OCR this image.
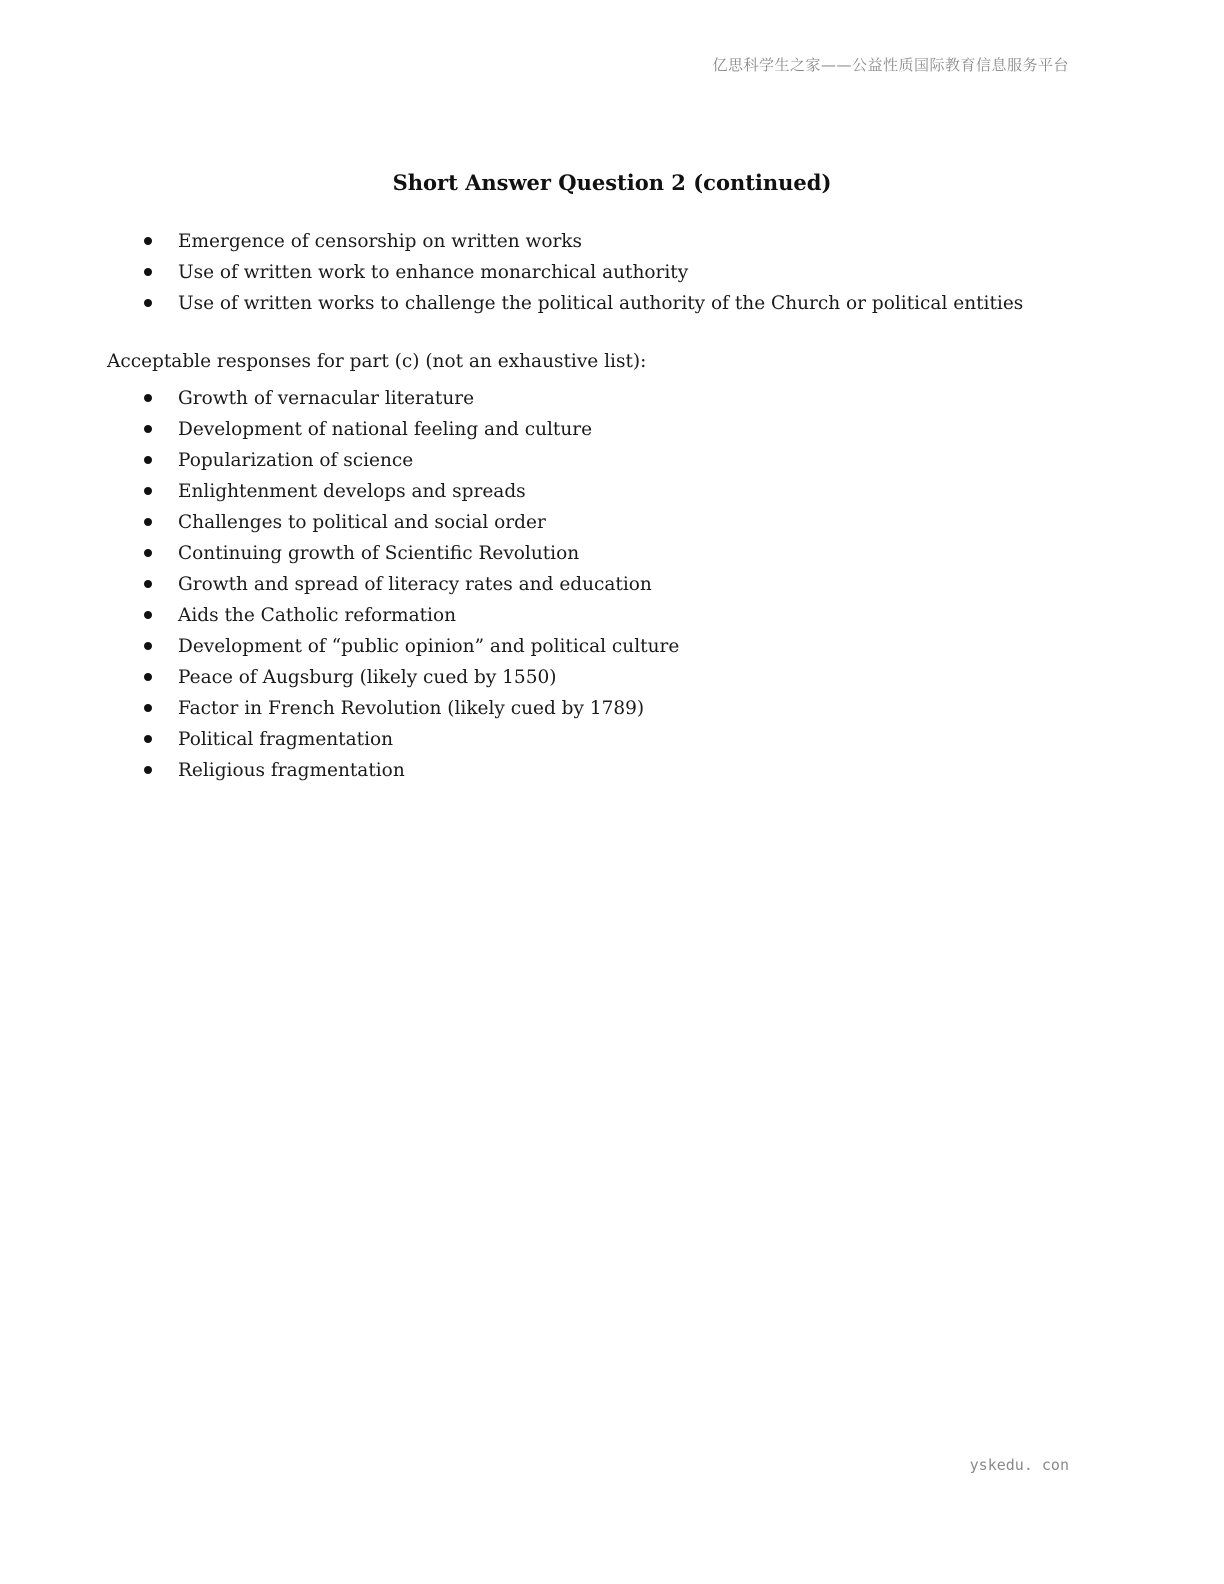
亿思科学生之家——公益性质国际教育信息服务平台
Short Answer Question 2 (continued)
Emergence of censorship on written works
Use of written work to enhance monarchical authority
Use of written works to challenge the political authority of the Church or political entities
Acceptable responses for part (c) (not an exhaustive list):
Growth of vernacular literature
Development of national feeling and culture
Popularization of science
Enlightenment develops and spreads
Challenges to political and social order
Continuing growth of Scientific Revolution
Growth and spread of literacy rates and education
Aids the Catholic reformation
Development of “public opinion” and political culture
Peace of Augsburg (likely cued by 1550)
Factor in French Revolution (likely cued by 1789)
Political fragmentation
Religious fragmentation
yskedu. con
